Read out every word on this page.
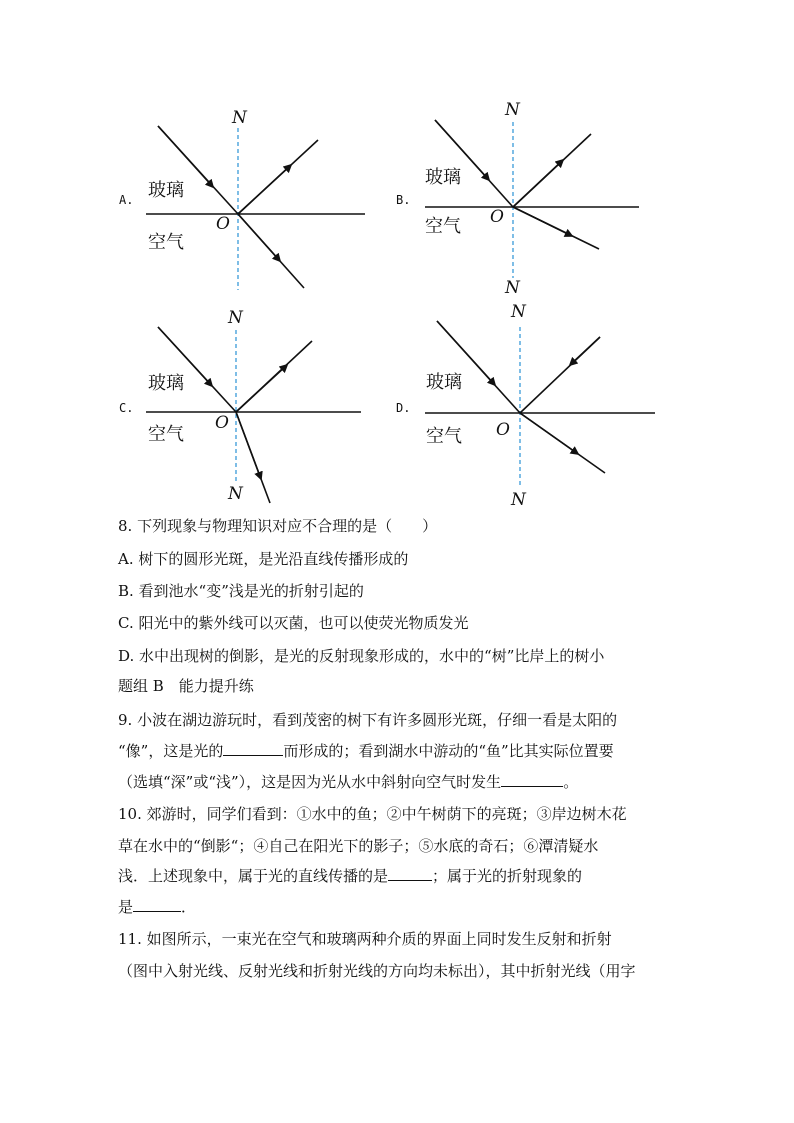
A. 玻璃
空气
O
N
B.
玻璃
空气 O
N
N
C.
玻璃
空气
O
N
N
D.
玻璃
空气 O
N
N
8. 下列现象与物理知识对应不合理的是（　　）
A. 树下的圆形光斑，是光沿直线传播形成的
B. 看到池水“变”浅是光的折射引起的
C. 阳光中的紫外线可以灭菌，也可以使荧光物质发光
D. 水中出现树的倒影，是光的反射现象形成的，水中的“树”比岸上的树小
题组 B　能力提升练
9. 小波在湖边游玩时，看到茂密的树下有许多圆形光斑，仔细一看是太阳的
“像”，这是光的	而形成的；看到湖水中游动的“鱼”比其实际位置要
（选填“深”或“浅”），这是因为光从水中斜射向空气时发生	。
10. 郊游时，同学们看到：①水中的鱼；②中午树荫下的亮斑；③岸边树木花
草在水中的“倒影“；④自己在阳光下的影子；⑤水底的奇石；⑥潭清疑水
浅．上述现象中，属于光的直线传播的是	；属于光的折射现象的
是	．
11. 如图所示，一束光在空气和玻璃两种介质的界面上同时发生反射和折射
（图中入射光线、反射光线和折射光线的方向均未标出），其中折射光线（用字
